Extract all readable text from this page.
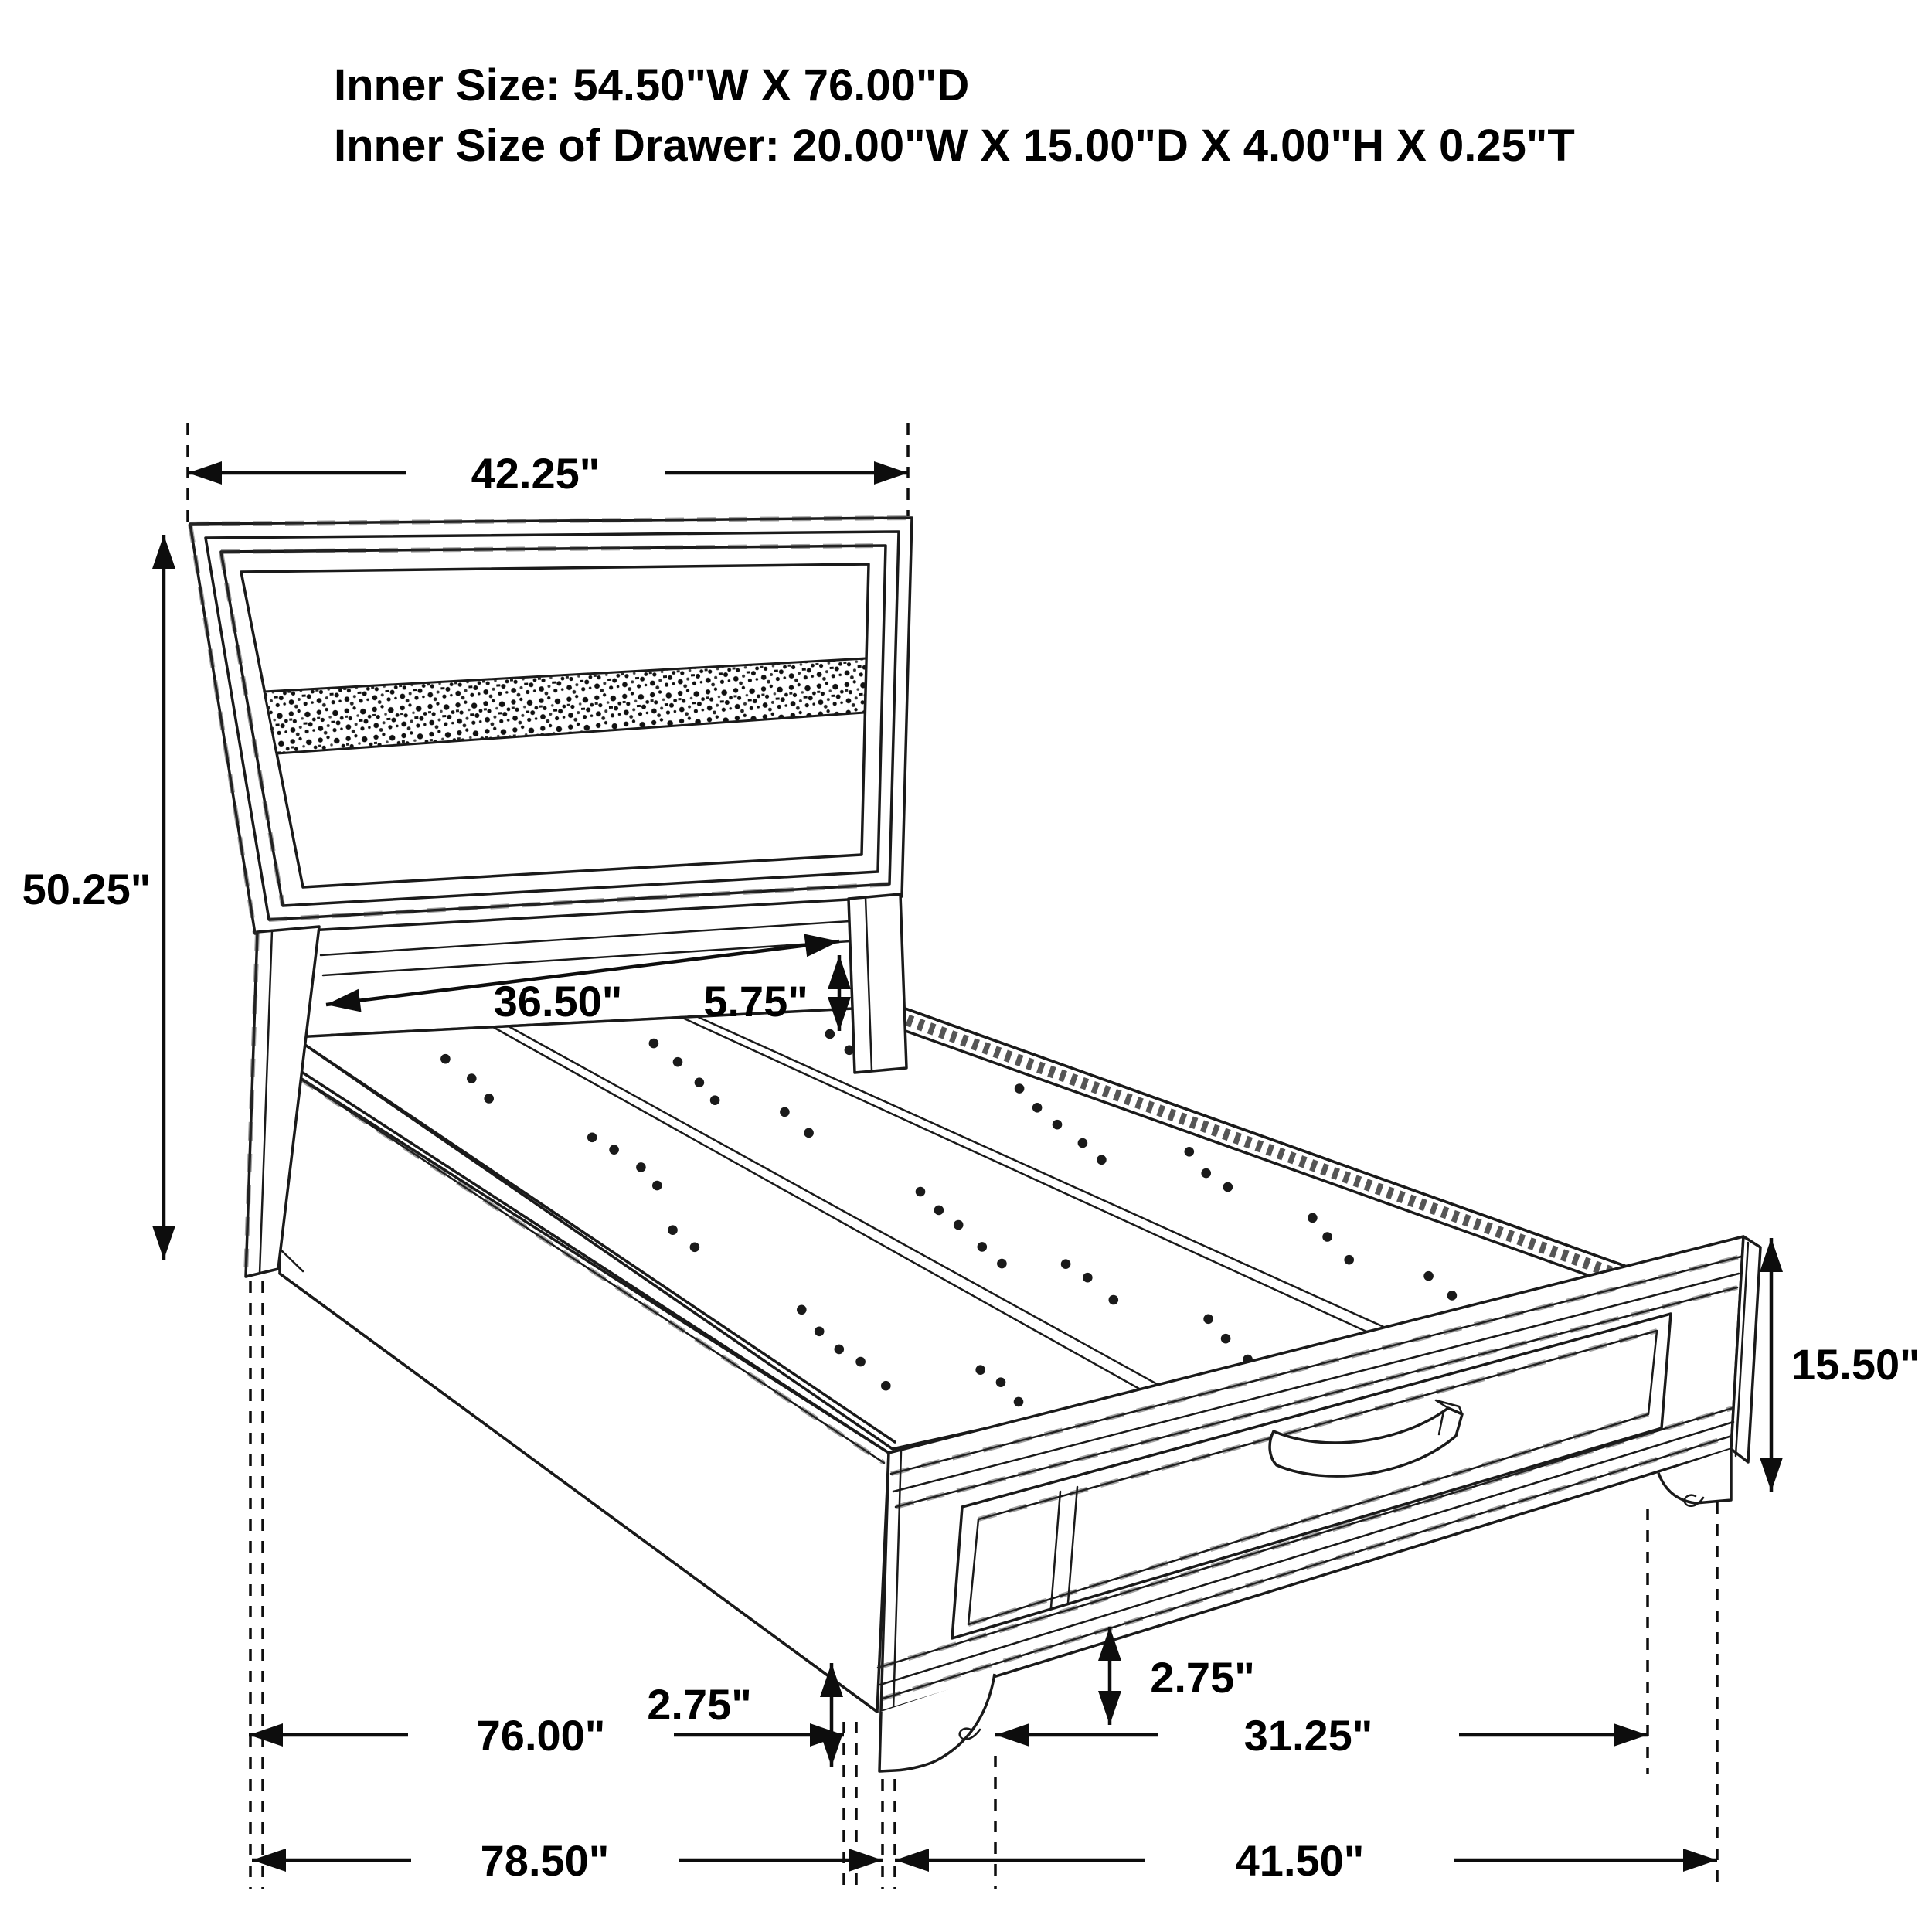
Inner Size: 54.50"W X 76.00"D
Inner Size of Drawer: 20.00"W X 15.00"D X 4.00"H X 0.25"T
42.25"
50.25"
36.50" 5.75"
15.50"
2.75"
2.75"
76.00"	31.25"
78.50"	41.50"
